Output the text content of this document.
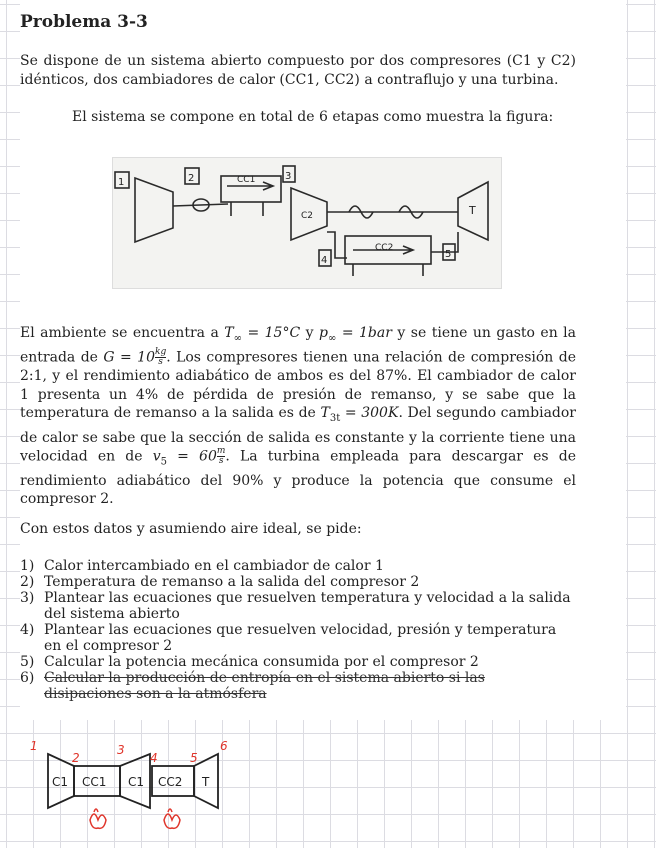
Problema 3-3
Se dispone de un sistema abierto compuesto por dos compresores (C1 y C2) idénticos, dos cambiadores de calor (CC1, CC2) a contraflujo y una turbina.
El sistema se compone en total de 6 etapas como muestra la figura:
1	2	3
4
5
CC1
C2	T
CC2
El ambiente se encuentra a $T_\infty = 15^\circ C$ y $p_\infty = 1bar$ y se tiene un gasto en la entrada de $G = 10 \frac{kg}{s}$ . Los compresores tienen una relación de compresión de 2:1, y el rendimiento adiabático de ambos es del 87%. El cambiador de calor 1 presenta un 4% de pérdida de presión de remanso, y se sabe que la temperatura de remanso a la salida es de $T_{3t} = 300K$. Del segundo cambiador de calor se sabe que la sección de salida es constante y la corriente tiene una velocidad en de $v_5 = 60 \frac{m}{s}$ . La turbina empleada para descargar es de rendimiento adiabático del 90% y produce la potencia que consume el compresor 2.
Con estos datos y asumiendo aire ideal, se pide:
1) Calor intercambiado en el cambiador de calor 1
2) Temperatura de remanso a la salida del compresor 2
3) Plantear las ecuaciones que resuelven temperatura y velocidad a la salida del sistema abierto
4) Plantear las ecuaciones que resuelven velocidad, presión y temperatura en el compresor 2
5) Calcular la potencia mecánica consumida por el compresor 2
6) Calcular la producción de entropía en el sistema abierto si las disipaciones son a la atmósfera
C1 CC1 C1 CC2 T
1
2
3
4	5
6
